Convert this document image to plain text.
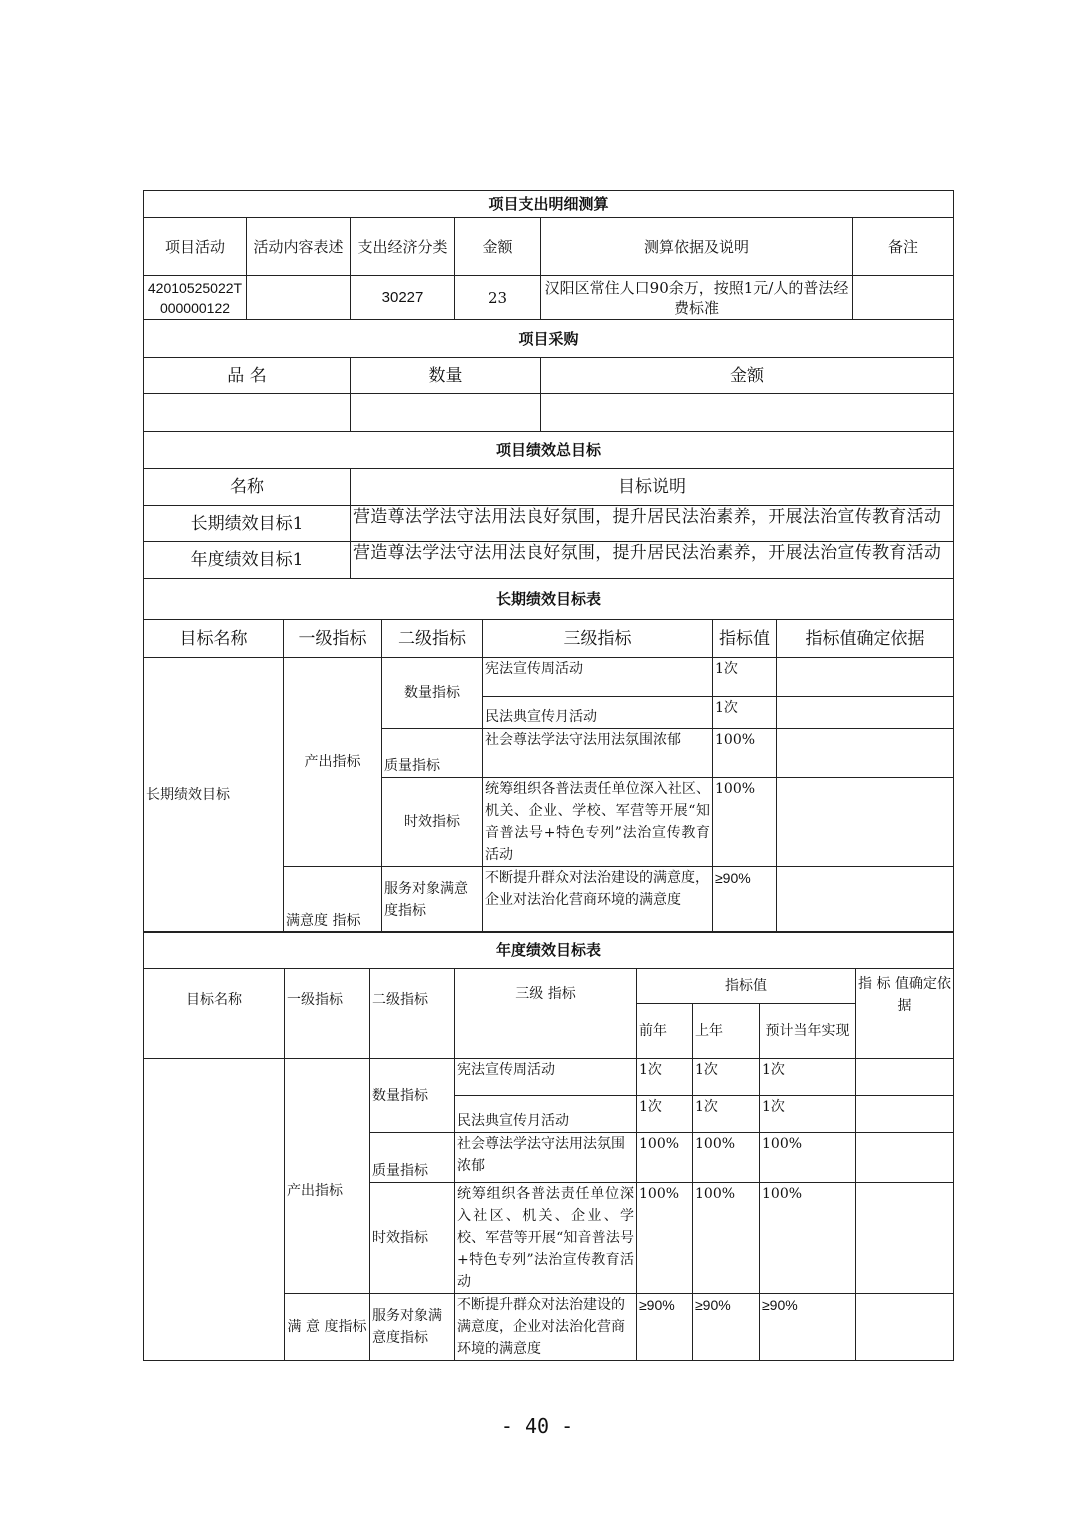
项目支出明细测算					
项目活动	活动内容表述	支出经济分类	金额	测算依据及说明	备注
42010525022T000000122		30227	23	汉阳区常住人口90余万，按照1元/人的普法经费标准	
项目采购		
品 名	数量	金额

项目绩效总目标	
名称	目标说明
长期绩效目标1	营造尊法学法守法用法良好氛围，提升居民法治素养，开展法治宣传教育活动
年度绩效目标1	营造尊法学法守法用法良好氛围，提升居民法治素养，开展法治宣传教育活动
长期绩效目标表					
目标名称	一级指标	二级指标	三级指标	指标值	指标值确定依据
长期绩效目标	产出指标	数量指标	宪法宣传周活动	1次	
			民法典宣传月活动	1次	
		质量指标	社会尊法学法守法用法氛围浓郁	100%	
		时效指标	统筹组织各普法责任单位深入社区、机关、企业、学校、军营等开展“知音普法号+特色专列”法治宣传教育活动	100%	

	满意度 指标	服务对象满意度指标	不断提升群众对法治建设的满意度，企业对法治化营商环境的满意度	≥90%	
年度绩效目标表							
目标名称	一级指标	二级指标	三级 指标	指标值			指 标 值确定依据
				前年	上年	预计当年实现	
	产出指标	数量指标	宪法宣传周活动	1次	1次	1次	
			民法典宣传月活动	1次	1次	1次	
		质量指标	社会尊法学法守法用法氛围浓郁	100%	100%	100%	
		时效指标	统筹组织各普法责任单位深入社区、机关、企业、学校、军营等开展“知音普法号+特色专列”法治宣传教育活动	100%	100%	100%	
	满 意 度指标	服务对象满意度指标	不断提升群众对法治建设的满意度，企业对法治化营商环境的满意度	≥90%	≥90%	≥90%	
- 40 -
